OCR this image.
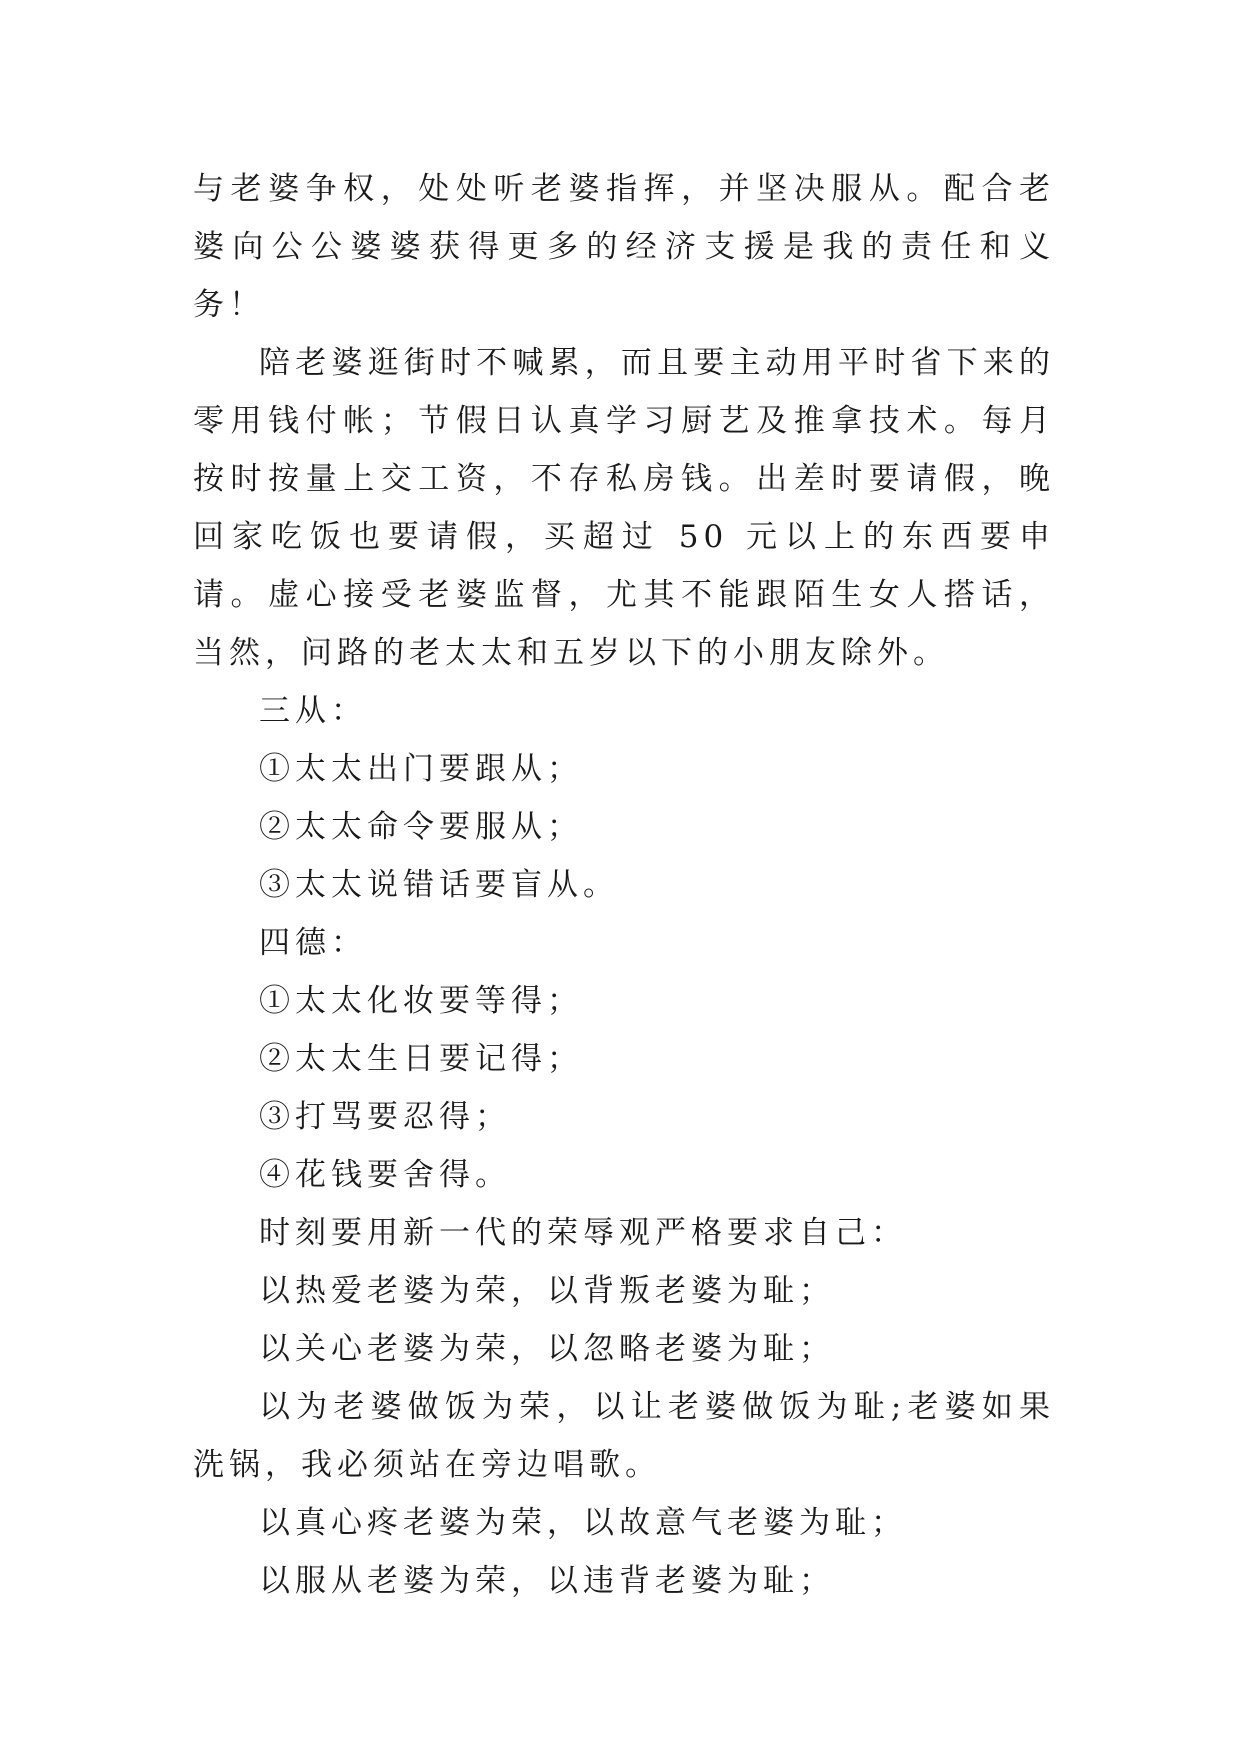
与老婆争权，处处听老婆指挥，并坚决服从。配合老婆向公公婆婆获得更多的经济支援是我的责任和义务！

陪老婆逛街时不喊累，而且要主动用平时省下来的零用钱付帐；节假日认真学习厨艺及推拿技术。每月按时按量上交工资，不存私房钱。出差时要请假，晚回家吃饭也要请假，买超过 50 元以上的东西要申请。虚心接受老婆监督，尤其不能跟陌生女人搭话，当然，问路的老太太和五岁以下的小朋友除外。

三从：

①太太出门要跟从；

②太太命令要服从；

③太太说错话要盲从。

四德：

①太太化妆要等得；

②太太生日要记得；

③打骂要忍得；

④花钱要舍得。

时刻要用新一代的荣辱观严格要求自己：

以热爱老婆为荣，以背叛老婆为耻；

以关心老婆为荣，以忽略老婆为耻；

以为老婆做饭为荣，以让老婆做饭为耻;老婆如果洗锅，我必须站在旁边唱歌。

以真心疼老婆为荣，以故意气老婆为耻；

以服从老婆为荣，以违背老婆为耻；
